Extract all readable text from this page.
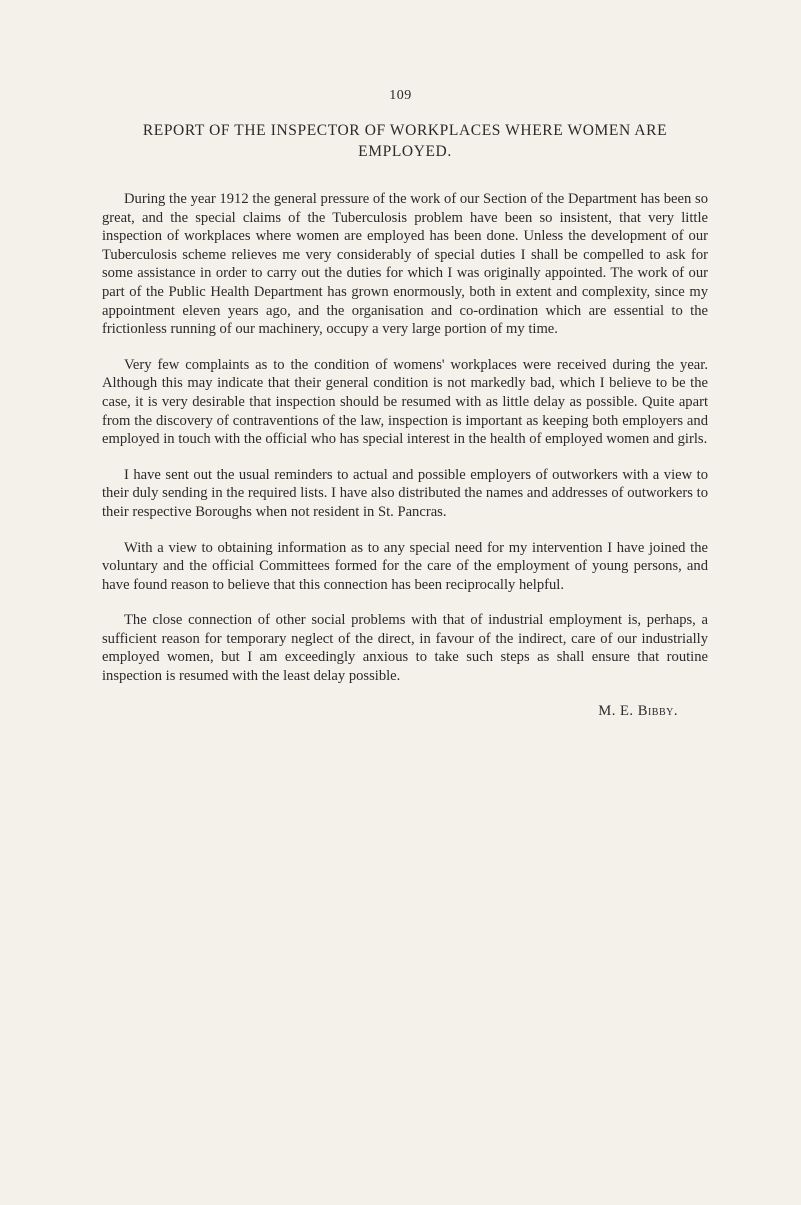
109
REPORT OF THE INSPECTOR OF WORKPLACES WHERE WOMEN ARE EMPLOYED.

During the year 1912 the general pressure of the work of our Section of the Department has been so great, and the special claims of the Tuberculosis problem have been so insistent, that very little inspection of workplaces where women are employed has been done. Unless the development of our Tuberculosis scheme relieves me very considerably of special duties I shall be compelled to ask for some assistance in order to carry out the duties for which I was originally appointed. The work of our part of the Public Health Department has grown enormously, both in extent and complexity, since my appointment eleven years ago, and the organisation and co-ordination which are essential to the frictionless running of our machinery, occupy a very large portion of my time.

Very few complaints as to the condition of womens' workplaces were received during the year. Although this may indicate that their general condition is not markedly bad, which I believe to be the case, it is very desirable that inspection should be resumed with as little delay as possible. Quite apart from the discovery of contraventions of the law, inspection is important as keeping both employers and employed in touch with the official who has special interest in the health of employed women and girls.

I have sent out the usual reminders to actual and possible employers of outworkers with a view to their duly sending in the required lists. I have also distributed the names and addresses of outworkers to their respective Boroughs when not resident in St. Pancras.

With a view to obtaining information as to any special need for my intervention I have joined the voluntary and the official Committees formed for the care of the employment of young persons, and have found reason to believe that this connection has been reciprocally helpful.

The close connection of other social problems with that of industrial employment is, perhaps, a sufficient reason for temporary neglect of the direct, in favour of the indirect, care of our industrially employed women, but I am exceedingly anxious to take such steps as shall ensure that routine inspection is resumed with the least delay possible.

M. E. Bibby.
